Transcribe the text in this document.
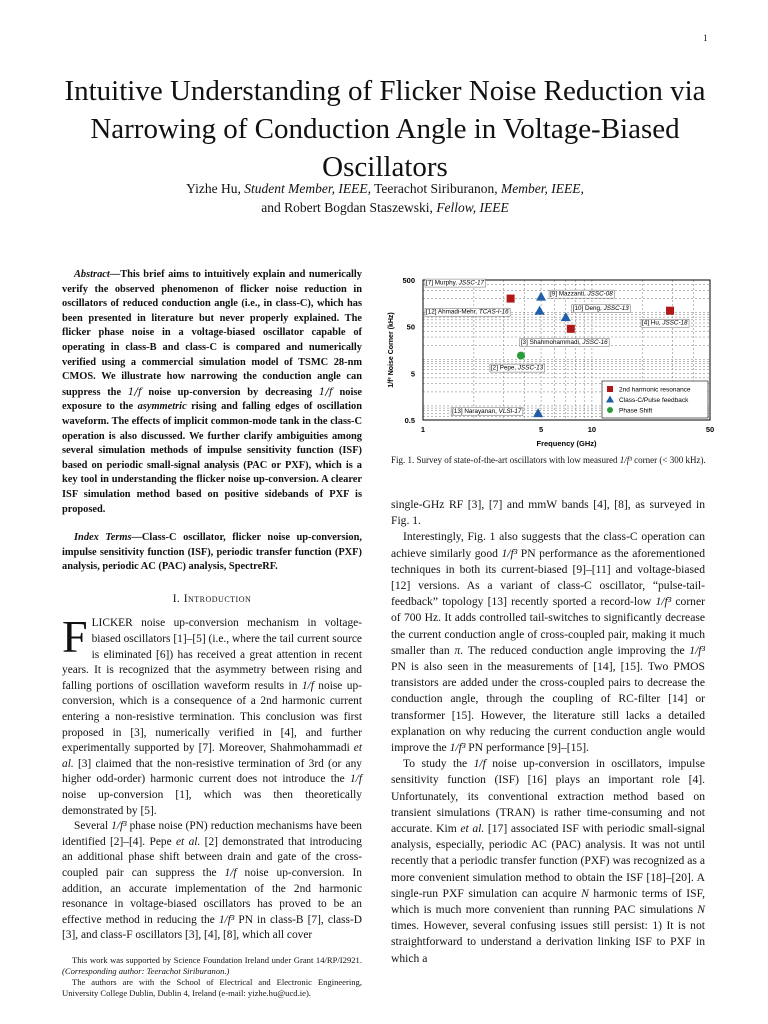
1
Intuitive Understanding of Flicker Noise Reduction via Narrowing of Conduction Angle in Voltage-Biased Oscillators
Yizhe Hu, Student Member, IEEE, Teerachot Siriburanon, Member, IEEE,
and Robert Bogdan Staszewski, Fellow, IEEE

Abstract—This brief aims to intuitively explain and numerically verify the observed phenomenon of flicker noise reduction in oscillators of reduced conduction angle (i.e., in class-C), which has been presented in literature but never properly explained. The flicker phase noise in a voltage-biased oscillator capable of operating in class-B and class-C is compared and numerically verified using a commercial simulation model of TSMC 28-nm CMOS. We illustrate how narrowing the conduction angle can suppress the 1/f noise up-conversion by decreasing 1/f noise exposure to the asymmetric rising and falling edges of oscillation waveform. The effects of implicit common-mode tank in the class-C operation is also discussed. We further clarify ambiguities among several simulation methods of impulse sensitivity function (ISF) based on periodic small-signal analysis (PAC or PXF), which is a key tool in understanding the flicker noise up-conversion. A clearer ISF simulation method based on positive sidebands of PXF is proposed.

Index Terms—Class-C oscillator, flicker noise up-conversion, impulse sensitivity function (ISF), periodic transfer function (PXF) analysis, periodic AC (PAC) analysis, SpectreRF.

I. Introduction

FLICKER noise up-conversion mechanism in voltage-biased oscillators [1]–[5] (i.e., where the tail current source is eliminated [6]) has received a great attention in recent years. It is recognized that the asymmetry between rising and falling portions of oscillation waveform results in 1/f noise up-conversion, which is a consequence of a 2nd harmonic current entering a non-resistive termination. This conclusion was first proposed in [3], numerically verified in [4], and further experimentally supported by [7]. Moreover, Shahmohammadi et al. [3] claimed that the non-resistive termination of 3rd (or any higher odd-order) harmonic current does not introduce the 1/f noise up-conversion [1], which was then theoretically demonstrated by [5].

Several 1/f³ phase noise (PN) reduction mechanisms have been identified [2]–[4]. Pepe et al. [2] demonstrated that introducing an additional phase shift between drain and gate of the cross-coupled pair can suppress the 1/f noise up-conversion. In addition, an accurate implementation of the 2nd harmonic resonance in voltage-biased oscillators has proved to be an effective method in reducing the 1/f³ PN in class-B [7], class-D [3], and class-F oscillators [3], [4], [8], which all cover

This work was supported by Science Foundation Ireland under Grant 14/RP/I2921. (Corresponding author: Teerachot Siriburanon.)
The authors are with the School of Electrical and Electronic Engineering, University College Dublin, Dublin 4, Ireland (e-mail: yizhe.hu@ucd.ie).
1	5	10	50
500
50
5
0.5
Frequency (GHz)
1/f³ Noise Corner (kHz)
[7] Murphy, JSSC-17
[3] Shahmohammadi, JSSC-16
[4] Hu, JSSC-18
[9] Mazzanti, JSSC-08
[12] Ahmadi-Mehr, TCAS-I-16
[10] Deng, JSSC-13
[13] Narayanan, VLSI-17
[2] Pepe, JSSC-13
2nd harmonic resonance
Class-C/Pulse feedback
Phase Shift
Fig. 1. Survey of state-of-the-art oscillators with low measured 1/f³ corner (< 300 kHz).

single-GHz RF [3], [7] and mmW bands [4], [8], as surveyed in Fig. 1.

Interestingly, Fig. 1 also suggests that the class-C operation can achieve similarly good 1/f³ PN performance as the aforementioned techniques in both its current-biased [9]–[11] and voltage-biased [12] versions. As a variant of class-C oscillator, “pulse-tail-feedback” topology [13] recently sported a record-low 1/f³ corner of 700 Hz. It adds controlled tail-switches to significantly decrease the current conduction angle of cross-coupled pair, making it much smaller than π. The reduced conduction angle improving the 1/f³ PN is also seen in the measurements of [14], [15]. Two PMOS transistors are added under the cross-coupled pairs to decrease the conduction angle, through the coupling of RC-filter [14] or transformer [15]. However, the literature still lacks a detailed explanation on why reducing the current conduction angle would improve the 1/f³ PN performance [9]–[15].

To study the 1/f noise up-conversion in oscillators, impulse sensitivity function (ISF) [16] plays an important role [4]. Unfortunately, its conventional extraction method based on transient simulations (TRAN) is rather time-consuming and not accurate. Kim et al. [17] associated ISF with periodic small-signal analysis, especially, periodic AC (PAC) analysis. It was not until recently that a periodic transfer function (PXF) was recognized as a more convenient simulation method to obtain the ISF [18]–[20]. A single-run PXF simulation can acquire N harmonic terms of ISF, which is much more convenient than running PAC simulations N times. However, several confusing issues still persist: 1) It is not straightforward to understand a derivation linking ISF to PXF in which a
